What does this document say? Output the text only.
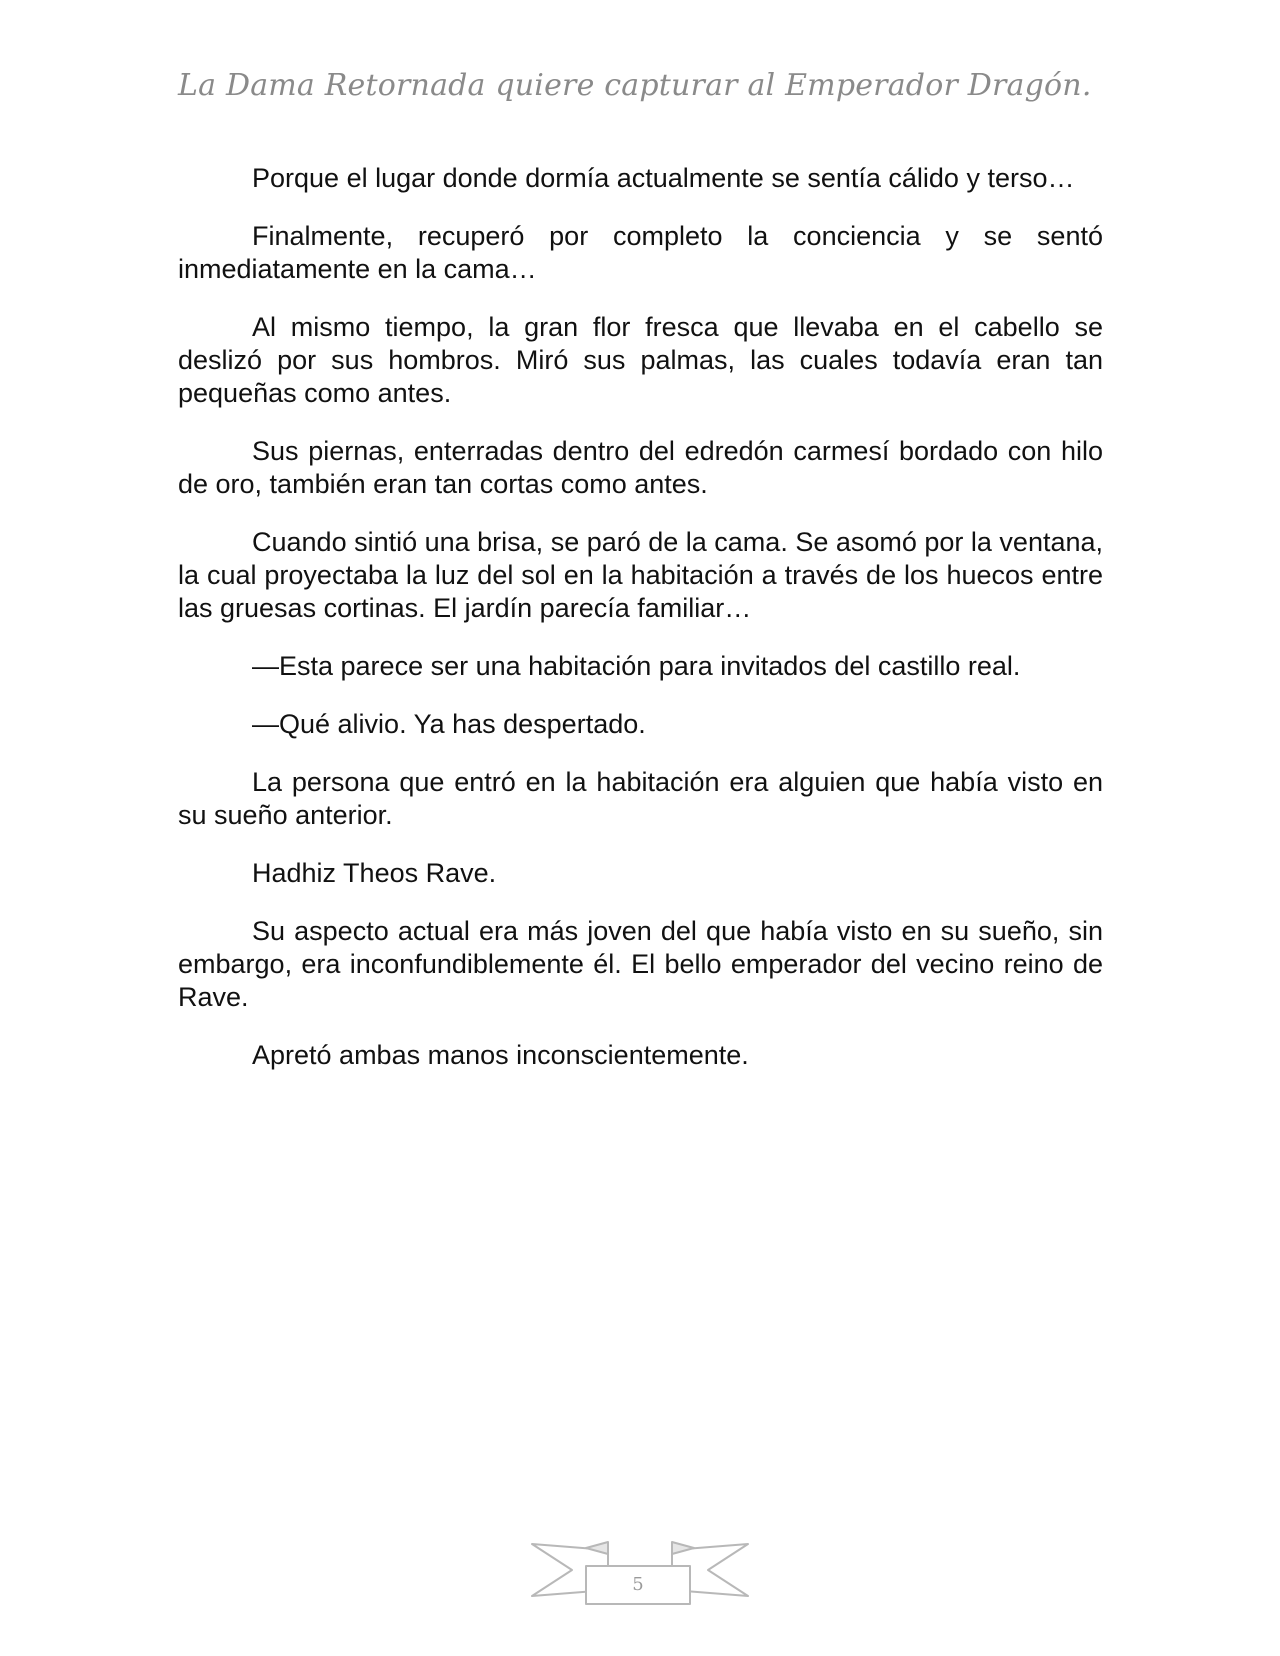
La Dama Retornada quiere capturar al Emperador Dragón.

Porque el lugar donde dormía actualmente se sentía cálido y terso…

Finalmente, recuperó por completo la conciencia y se sentó inmediatamente en la cama…

Al mismo tiempo, la gran flor fresca que llevaba en el cabello se deslizó por sus hombros. Miró sus palmas, las cuales todavía eran tan pequeñas como antes.

Sus piernas, enterradas dentro del edredón carmesí bordado con hilo de oro, también eran tan cortas como antes.

Cuando sintió una brisa, se paró de la cama. Se asomó por la ventana, la cual proyectaba la luz del sol en la habitación a través de los huecos entre las gruesas cortinas. El jardín parecía familiar…

—Esta parece ser una habitación para invitados del castillo real.

—Qué alivio. Ya has despertado.

La persona que entró en la habitación era alguien que había visto en su sueño anterior.

Hadhiz Theos Rave.

Su aspecto actual era más joven del que había visto en su sueño, sin embargo, era inconfundiblemente él. El bello emperador del vecino reino de Rave.

Apretó ambas manos inconscientemente.

5
